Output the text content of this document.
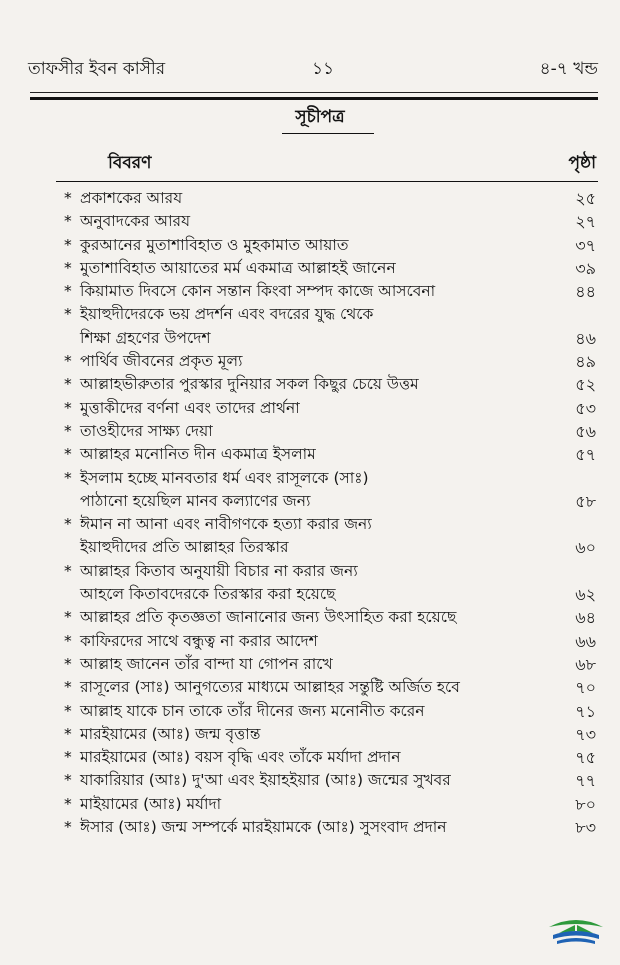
তাফসীর ইবন কাসীর	১১	৪-৭ খন্ড
সূচীপত্র
বিবরণ	পৃষ্ঠা
* প্রকাশকের আরয	২৫
* অনুবাদকের আরয	২৭
* কুরআনের মুতাশাবিহাত ও মুহকামাত আয়াত	৩৭
* মুতাশাবিহাত আয়াতের মর্ম একমাত্র আল্লাহই জানেন	৩৯
* কিয়ামাত দিবসে কোন সন্তান কিংবা সম্পদ কাজে আসবেনা	৪৪
* ইয়াহুদীদেরকে ভয় প্রদর্শন এবং বদরের যুদ্ধ থেকে
শিক্ষা গ্রহণের উপদেশ	৪৬
* পার্থিব জীবনের প্রকৃত মূল্য	৪৯
* আল্লাহভীরুতার পুরস্কার দুনিয়ার সকল কিছুর চেয়ে উত্তম	৫২
* মুত্তাকীদের বর্ণনা এবং তাদের প্রার্থনা	৫৩
* তাওহীদের সাক্ষ্য দেয়া	৫৬
* আল্লাহর মনোনিত দীন একমাত্র ইসলাম	৫৭
* ইসলাম হচ্ছে মানবতার ধর্ম এবং রাসূলকে (সাঃ)
পাঠানো হয়েছিল মানব কল্যাণের জন্য	৫৮
* ঈমান না আনা এবং নাবীগণকে হত্যা করার জন্য
ইয়াহুদীদের প্রতি আল্লাহর তিরস্কার	৬০
* আল্লাহর কিতাব অনুযায়ী বিচার না করার জন্য
আহলে কিতাবদেরকে তিরস্কার করা হয়েছে	৬২
* আল্লাহর প্রতি কৃতজ্ঞতা জানানোর জন্য উৎসাহিত করা হয়েছে	৬৪
* কাফিরদের সাথে বন্ধুত্ব না করার আদেশ	৬৬
* আল্লাহ জানেন তাঁর বান্দা যা গোপন রাখে	৬৮
* রাসূলের (সাঃ) আনুগত্যের মাধ্যমে আল্লাহর সন্তুষ্টি অর্জিত হবে	৭০
* আল্লাহ যাকে চান তাকে তাঁর দীনের জন্য মনোনীত করেন	৭১
* মারইয়ামের (আঃ) জন্ম বৃত্তান্ত	৭৩
* মারইয়ামের (আঃ) বয়স বৃদ্ধি এবং তাঁকে মর্যাদা প্রদান	৭৫
* যাকারিয়ার (আঃ) দু'আ এবং ইয়াহইয়ার (আঃ) জন্মের সুখবর	৭৭
* মাইয়ামের (আঃ) মর্যাদা	৮০
* ঈসার (আঃ) জন্ম সম্পর্কে মারইয়ামকে (আঃ) সুসংবাদ প্রদান	৮৩
